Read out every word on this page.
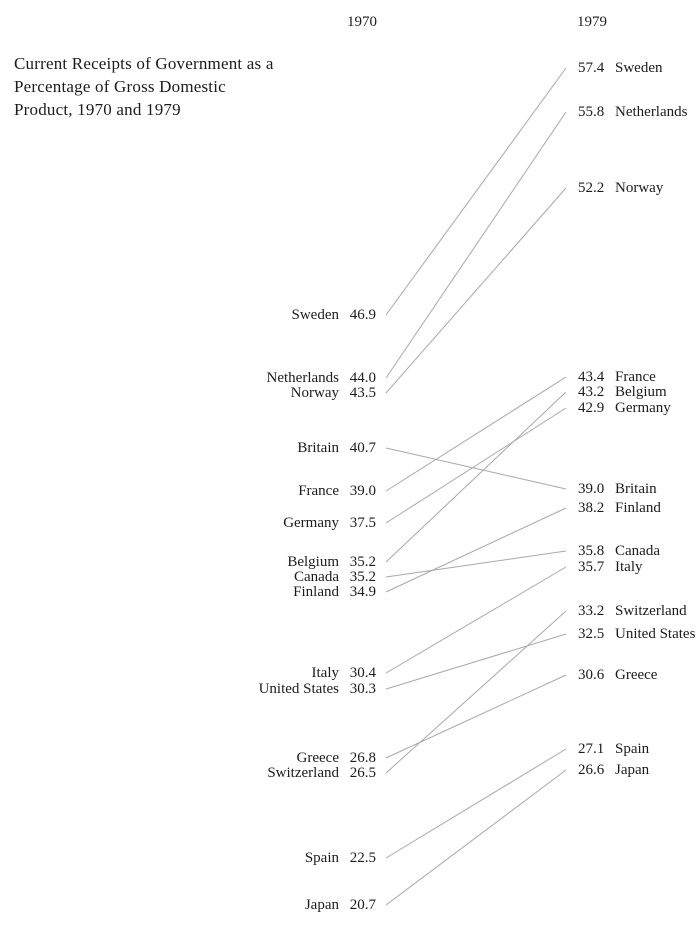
Current Receipts of Government as a
Percentage of Gross Domestic
Product, 1970 and 1979
1970	1979
Sweden 46.9
57.4 Sweden
Netherlands 44.0
55.8 Netherlands
Norway 43.5
52.2 Norway
Britain 40.7
39.0 Britain
France 39.0
43.4 France
Germany 37.5
42.9 Germany
Belgium 35.2
43.2 Belgium
Canada 35.2
35.8 Canada
Finland 34.9
38.2 Finland
Italy 30.4
35.7 Italy
United States 30.3
32.5 United States
Greece 26.8
30.6 Greece
Switzerland 26.5
33.2 Switzerland
Spain 22.5
27.1 Spain
Japan 20.7
26.6 Japan
